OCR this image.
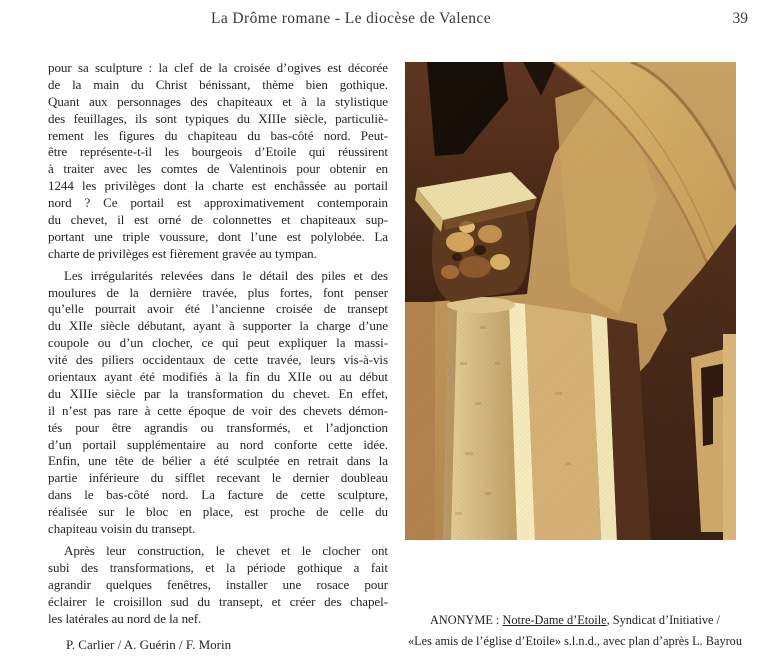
La Drôme romane - Le diocèse de Valence	39
pour sa sculpture : la clef de la croisée d’ogives est décorée
de la main du Christ bénissant, thème bien gothique.
Quant aux personnages des chapiteaux et à la stylistique
des feuillages, ils sont typiques du XIIIe siècle, particuliè-
rement les figures du chapiteau du bas-côté nord. Peut-
être représente-t-il les bourgeois d’Etoile qui réussirent
à traiter avec les comtes de Valentinois pour obtenir en
1244 les privilèges dont la charte est enchâssée au portail
nord ? Ce portail est approximativement contemporain
du chevet, il est orné de colonnettes et chapiteaux sup-
portant une triple voussure, dont l’une est polylobée. La
charte de privilèges est fièrement gravée au tympan.
Les irrégularités relevées dans le détail des piles et des
moulures de la dernière travée, plus fortes, font penser
qu’elle pourrait avoir été l’ancienne croisée de transept
du XIIe siècle débutant, ayant à supporter la charge d’une
coupole ou d’un clocher, ce qui peut expliquer la massi-
vité des piliers occidentaux de cette travée, leurs vis-à-vis
orientaux ayant été modifiés à la fin du XIIe ou au début
du XIIIe siècle par la transformation du chevet. En effet,
il n’est pas rare à cette époque de voir des chevets démon-
tés pour être agrandis ou transformés, et l’adjonction
d’un portail supplémentaire au nord conforte cette idée.
Enfin, une tête de bélier a été sculptée en retrait dans la
partie inférieure du sifflet recevant le dernier doubleau
dans le bas-côté nord. La facture de cette sculpture,
réalisée sur le bloc en place, est proche de celle du
chapiteau voisin du transept.
Après leur construction, le chevet et le clocher ont
subi des transformations, et la période gothique a fait
agrandir quelques fenêtres, installer une rosace pour
éclairer le croisillon sud du transept, et créer des chapel-
les latérales au nord de la nef.
P. Carlier / A. Guérin / F. Morin
ANONYME : Notre-Dame d’Etoile, Syndicat d’Initiative /
«Les amis de l’église d’Etoile» s.l.n.d., avec plan d’après L. Bayrou
